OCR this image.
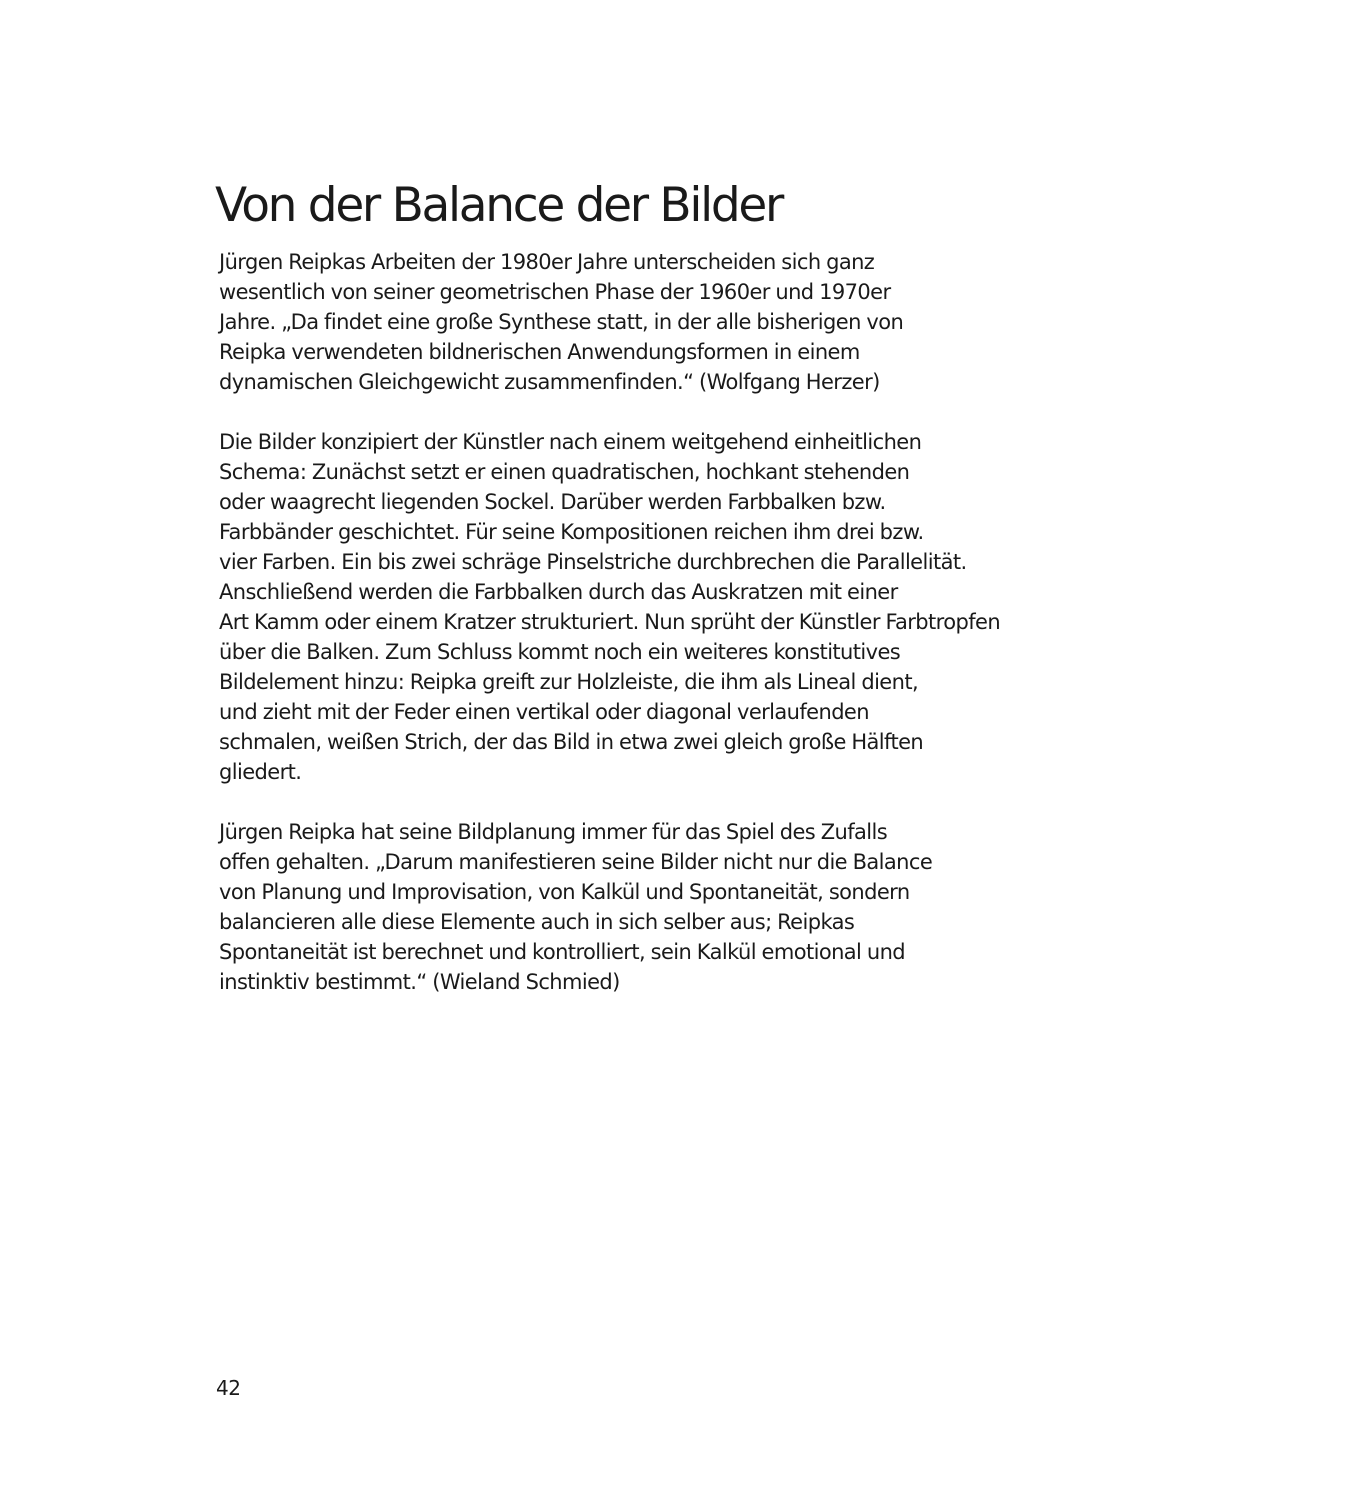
Von der Balance der Bilder

Jürgen Reipkas Arbeiten der 1980er Jahre unterscheiden sich ganz
wesentlich von seiner geometrischen Phase der 1960er und 1970er
Jahre. „Da findet eine große Synthese statt, in der alle bisherigen von
Reipka verwendeten bildnerischen Anwendungsformen in einem
dynamischen Gleichgewicht zusammenfinden.“ (Wolfgang Herzer)

Die Bilder konzipiert der Künstler nach einem weitgehend einheitlichen
Schema: Zunächst setzt er einen quadratischen, hochkant stehenden
oder waagrecht liegenden Sockel. Darüber werden Farbbalken bzw.
Farbbänder geschichtet. Für seine Kompositionen reichen ihm drei bzw.
vier Farben. Ein bis zwei schräge Pinselstriche durchbrechen die Parallelität.
Anschließend werden die Farbbalken durch das Auskratzen mit einer
Art Kamm oder einem Kratzer strukturiert. Nun sprüht der Künstler Farbtropfen
über die Balken. Zum Schluss kommt noch ein weiteres konstitutives
Bildelement hinzu: Reipka greift zur Holzleiste, die ihm als Lineal dient,
und zieht mit der Feder einen vertikal oder diagonal verlaufenden
schmalen, weißen Strich, der das Bild in etwa zwei gleich große Hälften
gliedert.

Jürgen Reipka hat seine Bildplanung immer für das Spiel des Zufalls
offen gehalten. „Darum manifestieren seine Bilder nicht nur die Balance
von Planung und Improvisation, von Kalkül und Spontaneität, sondern
balancieren alle diese Elemente auch in sich selber aus; Reipkas
Spontaneität ist berechnet und kontrolliert, sein Kalkül emotional und
instinktiv bestimmt.“ (Wieland Schmied)

42
